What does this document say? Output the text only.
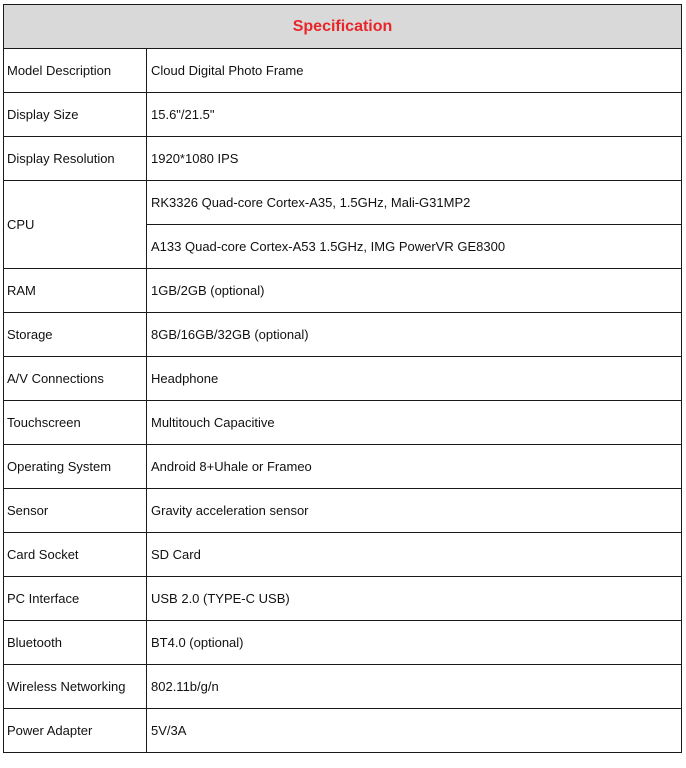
Specification	
Model Description	Cloud Digital Photo Frame
Display Size	15.6"/21.5"
Display Resolution	1920*1080 IPS
CPU	RK3326 Quad-core Cortex-A35, 1.5GHz, Mali-G31MP2
	A133 Quad-core Cortex-A53 1.5GHz, IMG PowerVR GE8300
RAM	1GB/2GB (optional)
Storage	8GB/16GB/32GB (optional)
A/V Connections	Headphone
Touchscreen	Multitouch Capacitive
Operating System	Android 8+Uhale or Frameo
Sensor	Gravity acceleration sensor
Card Socket	SD Card
PC Interface	USB 2.0 (TYPE-C USB)
Bluetooth	BT4.0 (optional)
Wireless Networking	802.11b/g/n
Power Adapter	5V/3A
